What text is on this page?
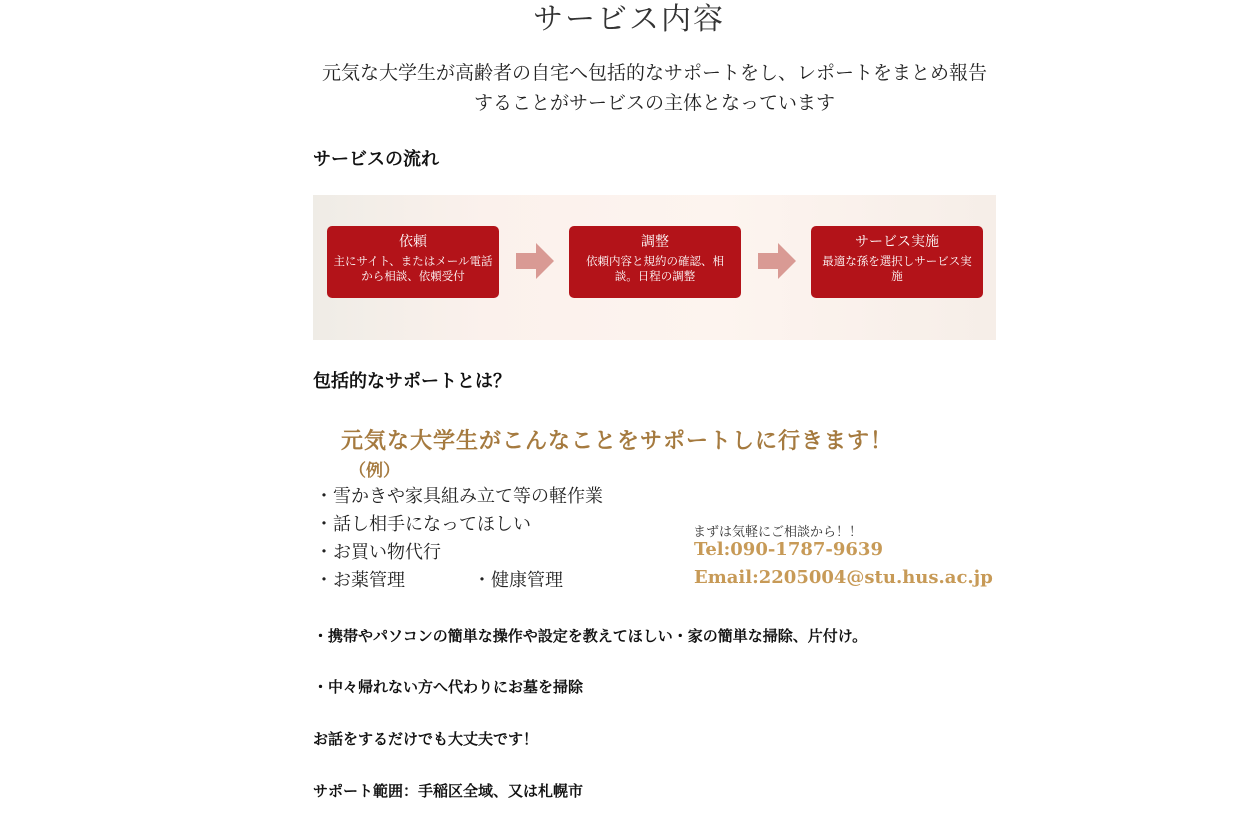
サービス内容
元気な大学生が高齢者の自宅へ包括的なサポートをし、レポートをまとめ報告することがサービスの主体となっています
サービスの流れ
依頼
主にサイト、またはメール電話から相談、依頼受付
調整
依頼内容と規約の確認、相談。日程の調整
サービス実施
最適な孫を選択しサービス実施
包括的なサポートとは？
元気な大学生がこんなことをサポートしに行きます！
（例）
・雪かきや家具組み立て等の軽作業
・話し相手になってほしい
・お買い物代行
・お薬管理	・健康管理
まずは気軽にご相談から！！
Tel:090-1787-9639
Email:2205004@stu.hus.ac.jp
・携帯やパソコンの簡単な操作や設定を教えてほしい・家の簡単な掃除、片付け。
・中々帰れない方へ代わりにお墓を掃除
お話をするだけでも大丈夫です！
サポート範囲：手稲区全域、又は札幌市
